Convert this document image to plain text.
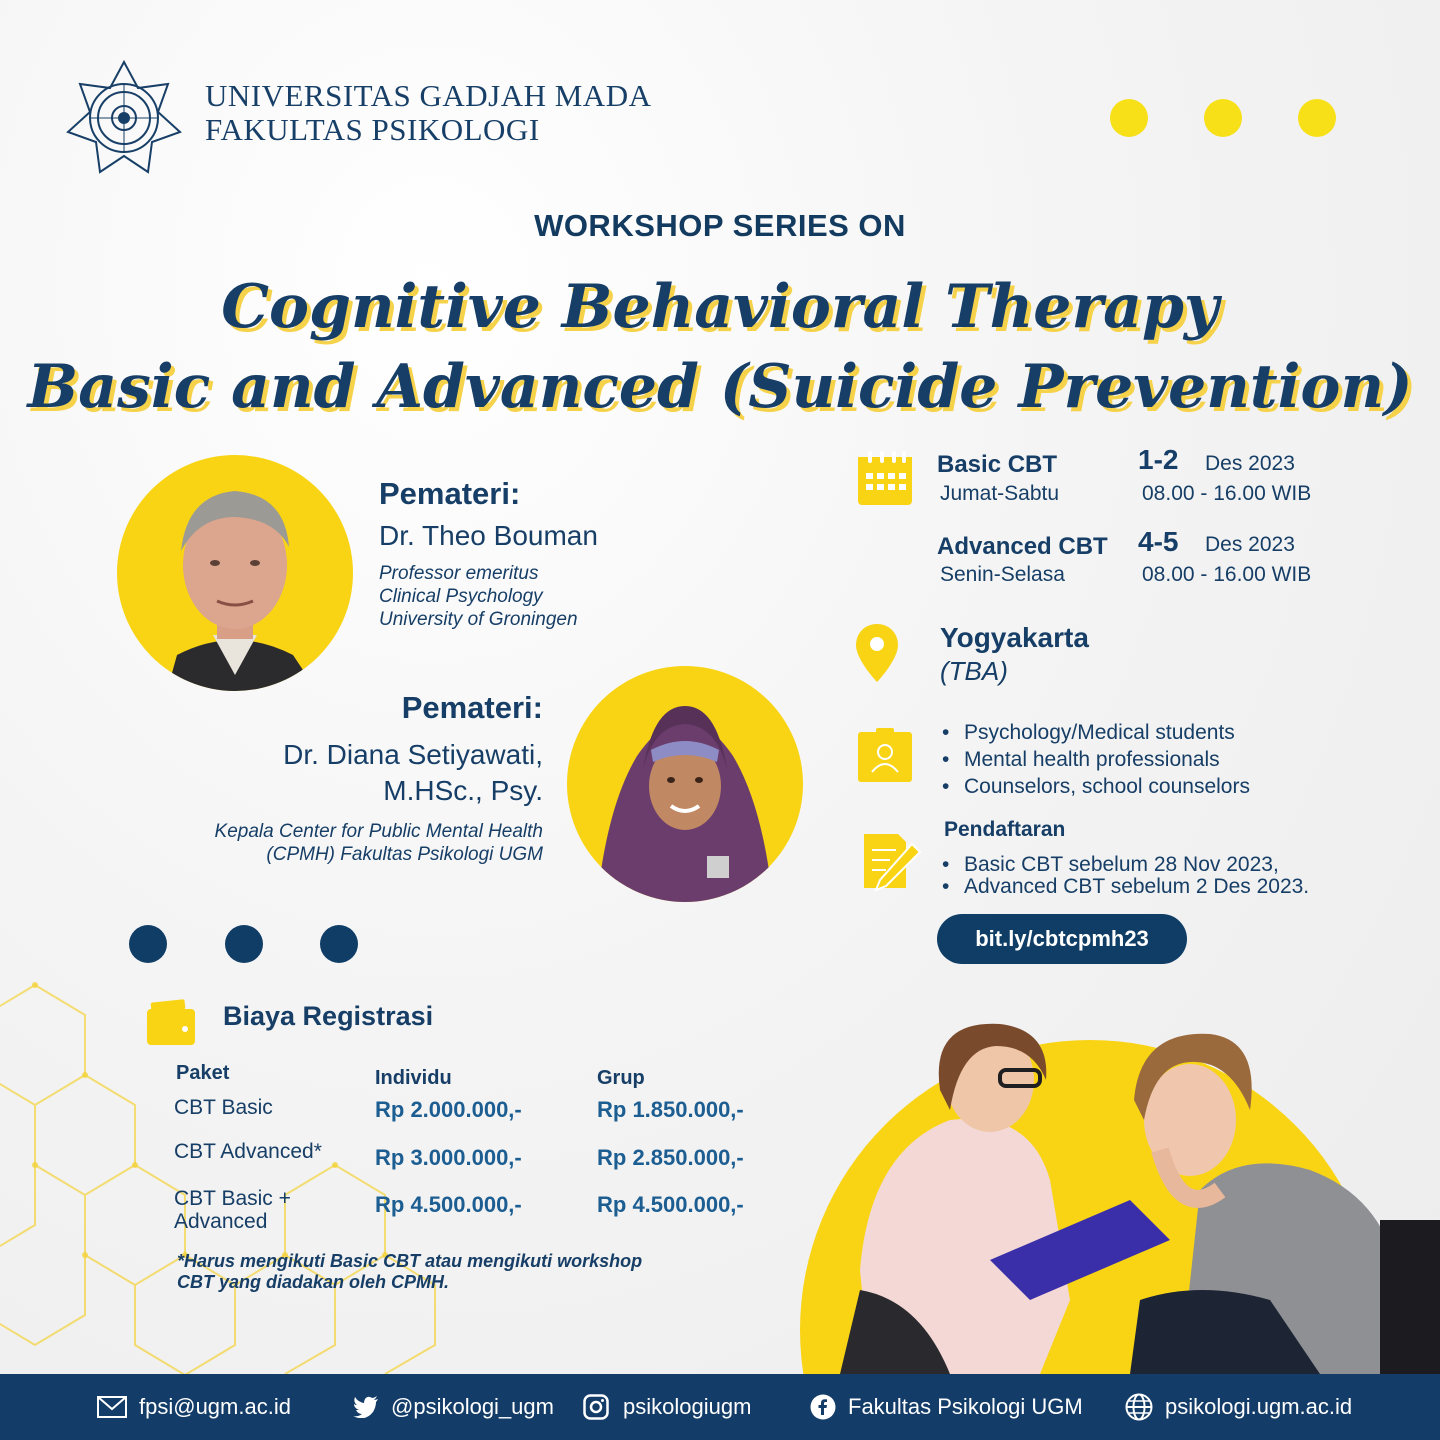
UNIVERSITAS GADJAH MADA
FAKULTAS PSIKOLOGI
WORKSHOP SERIES ON
Cognitive Behavioral Therapy
Basic and Advanced (Suicide Prevention)
Pemateri:
Dr. Theo Bouman
Professor emeritus
Clinical Psychology
University of Groningen
Pemateri:
Dr. Diana Setiyawati,
M.HSc., Psy.
Kepala Center for Public Mental Health
(CPMH) Fakultas Psikologi UGM
Basic CBT
Jumat-Sabtu
1-2 Des 2023
08.00 - 16.00 WIB
Advanced CBT
Senin-Selasa
4-5 Des 2023
08.00 - 16.00 WIB
Yogyakarta
(TBA)
• Psychology/Medical students
• Mental health professionals
• Counselors, school counselors
Pendaftaran
• Basic CBT sebelum 28 Nov 2023,
• Advanced CBT sebelum 2 Des 2023.
bit.ly/cbtcpmh23
Biaya Registrasi
Paket	Individu	Grup
CBT Basic	Rp 2.000.000,-	Rp 1.850.000,-
CBT Advanced* Rp 3.000.000,-	Rp 2.850.000,-
CBT Basic +
Advanced
Rp 4.500.000,-	Rp 4.500.000,-
*Harus mengikuti Basic CBT atau mengikuti workshop
CBT yang diadakan oleh CPMH.
fpsi@ugm.ac.id	@psikologi_ugm	psikologiugm	Fakultas Psikologi UGM	psikologi.ugm.ac.id
